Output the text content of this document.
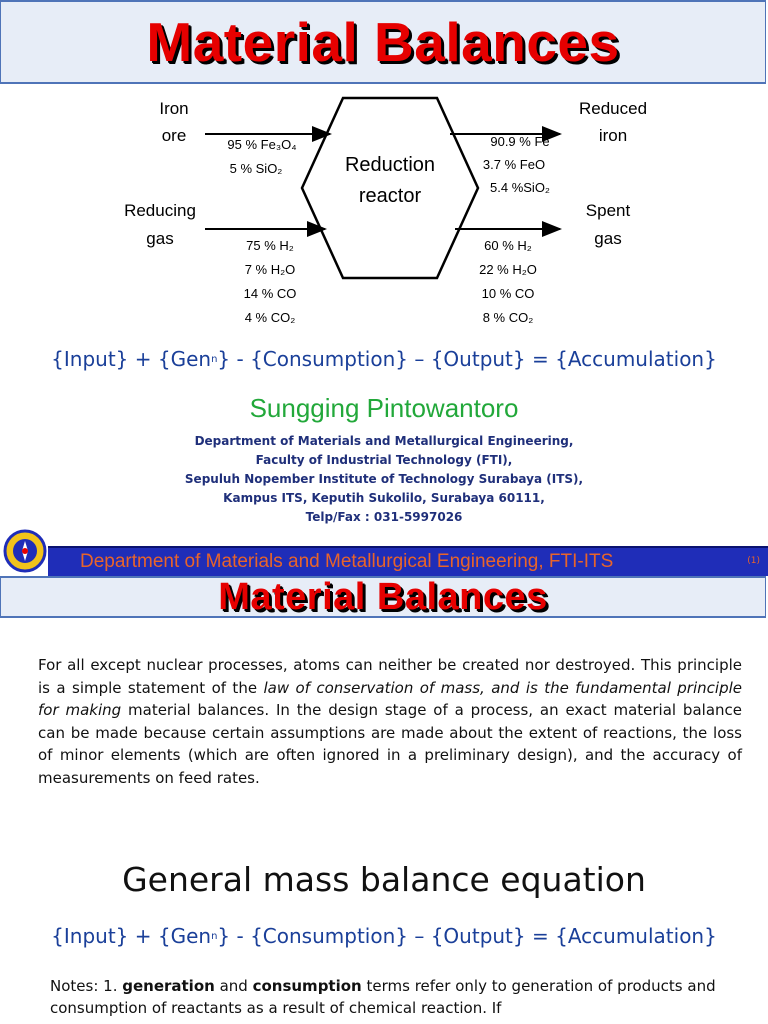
Material Balances
Reduction
reactor
Iron
ore
Reducing
gas
Reduced
iron
Spent
gas
95 % Fe₃O₄
5 % SiO₂
75 % H₂
7 % H₂O
14 % CO
4 % CO₂
90.9 % Fe
3.7 % FeO
5.4 %SiO₂
60 % H₂
22 % H₂O
10 % CO
8 % CO₂
{Input} + {Gen$^n$} - {Consumption} – {Output} = {Accumulation}
Sungging Pintowantoro
Department of Materials and Metallurgical Engineering,
Faculty of Industrial Technology (FTI),
Sepuluh Nopember Institute of Technology Surabaya (ITS),
Kampus ITS, Keputih Sukolilo, Surabaya 60111,
Telp/Fax : 031-5997026
Department of Materials and Metallurgical Engineering, FTI-ITS	(1)
Material Balances
For all except nuclear processes, atoms can neither be created nor destroyed. This principle is a simple statement of the law of conservation of mass, and is the fundamental principle for making material balances. In the design stage of a process, an exact material balance can be made because certain assumptions are made about the extent of reactions, the loss of minor elements (which are often ignored in a preliminary design), and the accuracy of measurements on feed rates.
General mass balance equation
{Input} + {Gen$^n$} - {Consumption} – {Output} = {Accumulation}
Notes: 1. generation and consumption terms refer only to generation of products and consumption of reactants as a result of chemical reaction. If
